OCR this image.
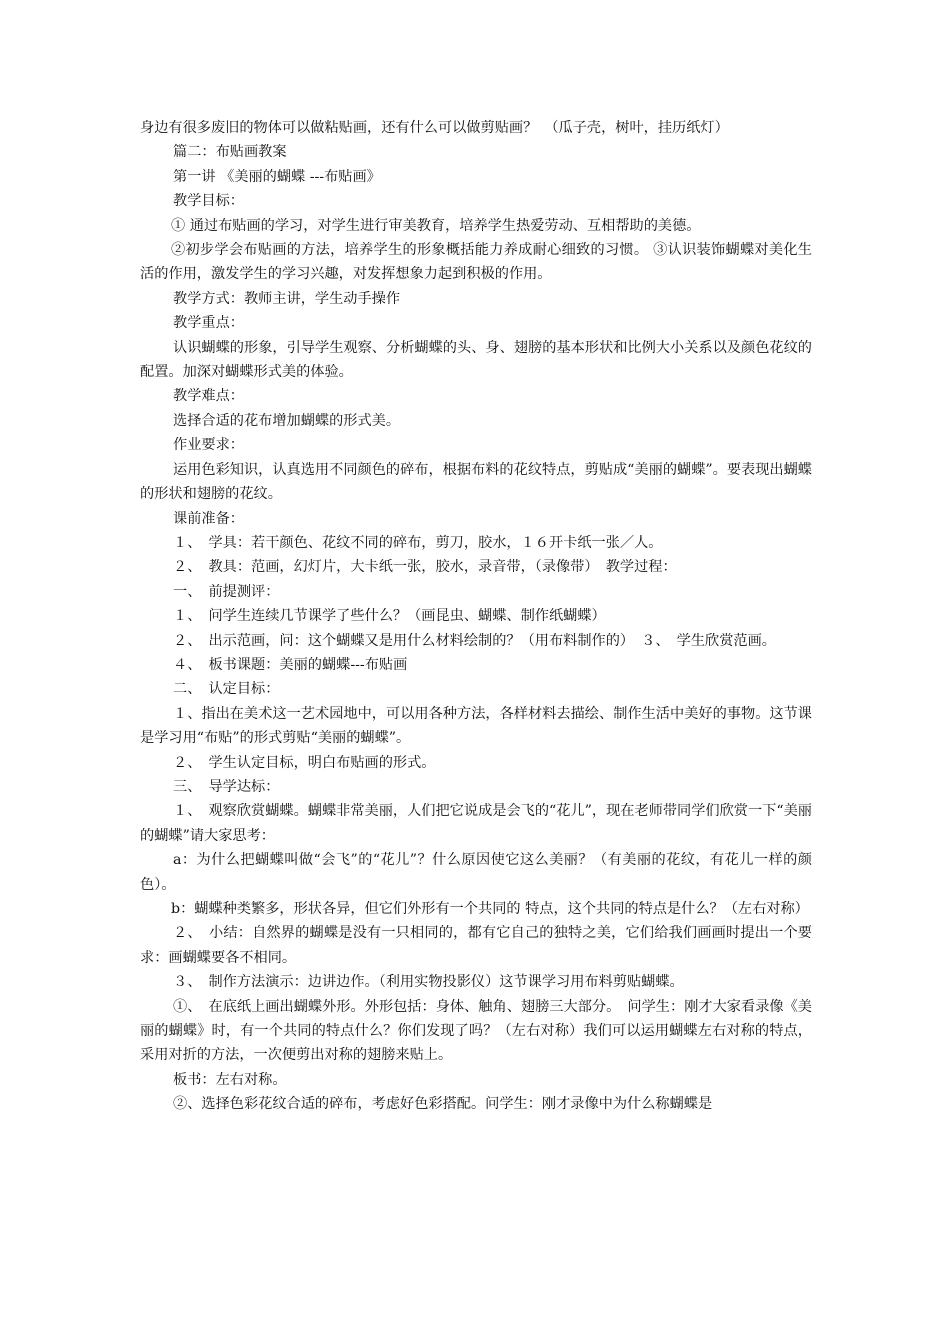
身边有很多废旧的物体可以做粘贴画，还有什么可以做剪贴画？　（瓜子壳，树叶，挂历纸灯）

篇二：布贴画教案

第一讲 《美丽的蝴蝶 ---布贴画》

教学目标：

① 通过布贴画的学习，对学生进行审美教育，培养学生热爱劳动、互相帮助的美德。

②初步学会布贴画的方法，培养学生的形象概括能力养成耐心细致的习惯。 ③认识装饰蝴蝶对美化生活的作用，激发学生的学习兴趣，对发挥想象力起到积极的作用。

教学方式：教师主讲，学生动手操作

教学重点：

认识蝴蝶的形象，引导学生观察、分析蝴蝶的头、身、翅膀的基本形状和比例大小关系以及颜色花纹的配置。加深对蝴蝶形式美的体验。

教学难点：

选择合适的花布增加蝴蝶的形式美。

作业要求：

运用色彩知识，认真选用不同颜色的碎布，根据布料的花纹特点，剪贴成“美丽的蝴蝶”。要表现出蝴蝶的形状和翅膀的花纹。

课前准备：

１、　学具：若干颜色、花纹不同的碎布，剪刀，胶水，１６开卡纸一张／人。

２、　教具：范画，幻灯片，大卡纸一张，胶水，录音带，（录像带）　教学过程：

一、　前提测评：

１、　问学生连续几节课学了些什么？（画昆虫、蝴蝶、制作纸蝴蝶）

２、　出示范画，问：这个蝴蝶又是用什么材料绘制的？（用布料制作的）　３、　学生欣赏范画。

４、　板书课题：美丽的蝴蝶---布贴画

二、　认定目标：

１、指出在美术这一艺术园地中，可以用各种方法，各样材料去描绘、制作生活中美好的事物。这节课是学习用“布贴”的形式剪贴“美丽的蝴蝶”。

２、　学生认定目标，明白布贴画的形式。

三、　导学达标：

１、　观察欣赏蝴蝶。蝴蝶非常美丽，人们把它说成是会飞的“花儿”，现在老师带同学们欣赏一下“美丽的蝴蝶”请大家思考：

a：为什么把蝴蝶叫做“会飞”的“花儿”？什么原因使它这么美丽？（有美丽的花纹，有花儿一样的颜色）。

b：蝴蝶种类繁多，形状各异，但它们外形有一个共同的 特点，这个共同的特点是什么？（左右对称）

２、　小结：自然界的蝴蝶是没有一只相同的，都有它自己的独特之美，它们给我们画画时提出一个要求：画蝴蝶要各不相同。

３、　制作方法演示：边讲边作。（利用实物投影仪）这节课学习用布料剪贴蝴蝶。

①、　在底纸上画出蝴蝶外形。外形包括：身体、触角、翅膀三大部分。　问学生：刚才大家看录像《美丽的蝴蝶》时，有一个共同的特点什么？你们发现了吗？（左右对称）我们可以运用蝴蝶左右对称的特点，采用对折的方法，一次便剪出对称的翅膀来贴上。

板书：左右对称。

②、选择色彩花纹合适的碎布，考虑好色彩搭配。问学生：刚才录像中为什么称蝴蝶是
